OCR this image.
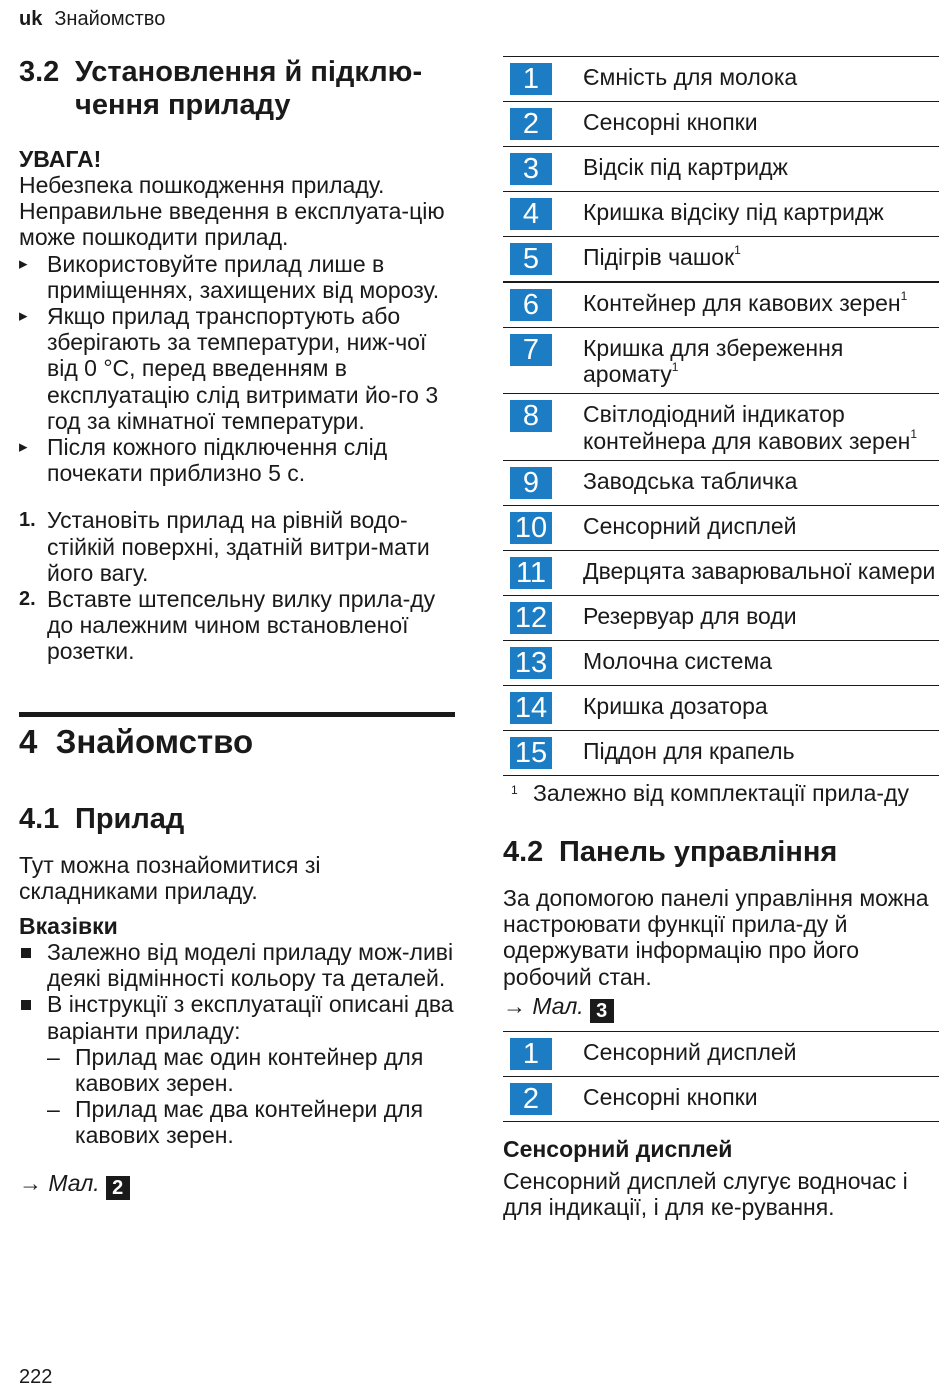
uk Знайомство
3.2 Установлення й підклю-
чення приладу
УВАГА!

Небезпека пошкодження приладу. Неправильне введення в експлуата-цію може пошкодити прилад.

▸ Використовуйте прилад лише в приміщеннях, захищених від морозу.
▸ Якщо прилад транспортують або зберігають за температури, ниж-чої від 0 °C, перед введенням в експлуатацію слід витримати йо-го 3 год за кімнатної температури.
▸ Після кожного підключення слід почекати приблизно 5 с.
1. Установіть прилад на рівній водо-стійкій поверхні, здатній витри-мати його вагу.
2. Вставте штепсельну вилку прила-ду до належним чином встановленої розетки.
4 Знайомство
4.1 Прилад

Тут можна познайомитися зі складниками приладу.

Вказівки
Залежно від моделі приладу мож-ливі деякі відмінності кольору та деталей.
В інструкції з експлуатації описані два варіанти приладу:
– Прилад має один контейнер для кавових зерен.
– Прилад має два контейнери для кавових зерен.
→ Мал. 2
1	Ємність для молока
2	Сенсорні кнопки
3	Відсік під картридж
4	Кришка відсіку під картридж
5	Підігрів чашок$^1$
6	Контейнер для кавових зерен$^1$
7	Кришка для збереження аромату$^1$
8	Світлодіодний індикатор контейнера для кавових зерен$^1$
9	Заводська табличка
10 Сенсорний дисплей
11 Дверцята заварювальної камери
12 Резервуар для води
13 Молочна система
14 Кришка дозатора
15 Піддон для крапель
1 Залежно від комплектації прила-ду
4.2 Панель управління

За допомогою панелі управління можна настроювати функції прила-ду й одержувати інформацію про його робочий стан.

→ Мал. 3
1	Сенсорний дисплей
2	Сенсорні кнопки
Сенсорний дисплей

Сенсорний дисплей слугує водночас і для індикації, і для ке-рування.

222
